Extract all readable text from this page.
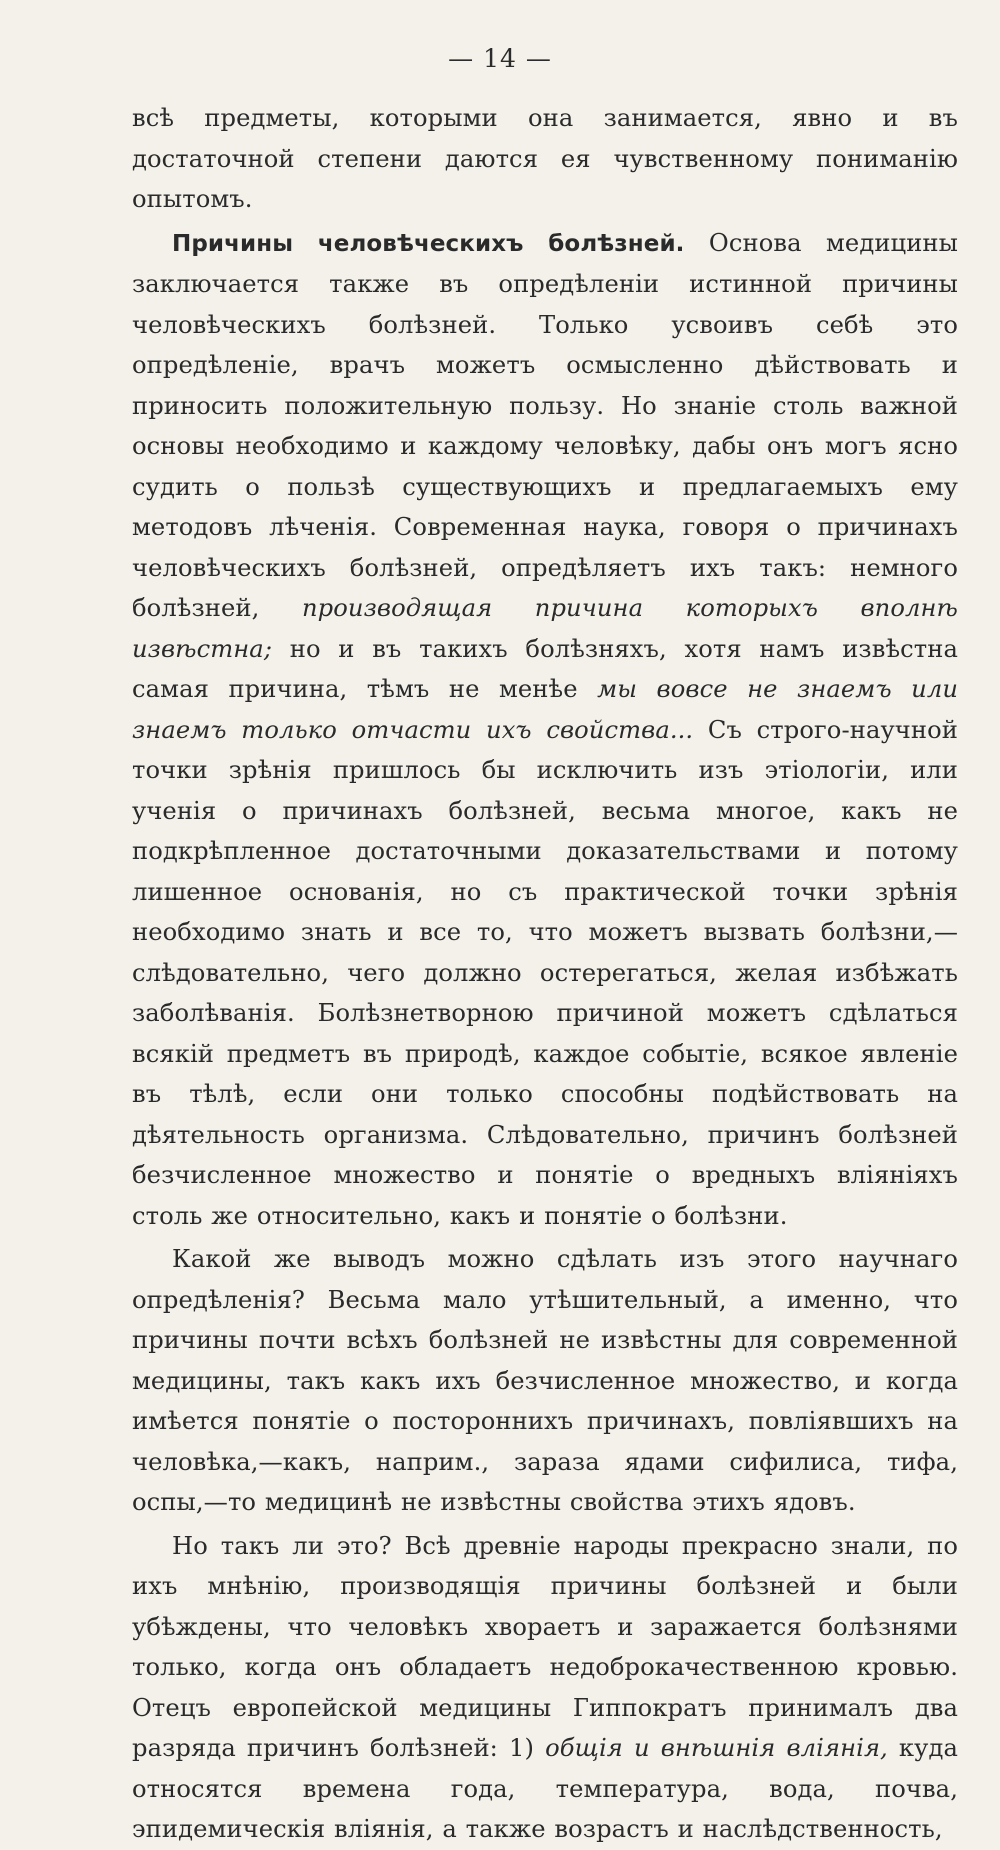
— 14 —

всѣ предметы, которыми она занимается, явно и въ достаточной степени даются ея чувственному пониманію опытомъ.

Причины человѣческихъ болѣзней. Основа медицины заключается также въ опредѣленіи истинной причины человѣческихъ болѣзней. Только усвоивъ себѣ это опредѣленіе, врачъ можетъ осмысленно дѣйствовать и приносить положительную пользу. Но знаніе столь важной основы необходимо и каждому человѣку, дабы онъ могъ ясно судить о пользѣ существующихъ и предлагаемыхъ ему методовъ лѣченія. Современная наука, говоря о причинахъ человѣческихъ болѣзней, опредѣляетъ ихъ такъ: немного болѣзней, производящая причина которыхъ вполнѣ извѣстна; но и въ такихъ болѣзняхъ, хотя намъ извѣстна самая причина, тѣмъ не менѣе мы вовсе не знаемъ или знаемъ только отчасти ихъ свойства... Съ строго-научной точки зрѣнія пришлось бы исключить изъ этіологіи, или ученія о причинахъ болѣзней, весьма многое, какъ не подкрѣпленное достаточными доказательствами и потому лишенное основанія, но съ практической точки зрѣнія необходимо знать и все то, что можетъ вызвать болѣзни,—слѣдовательно, чего должно остерегаться, желая избѣжать заболѣванія. Болѣзнетворною причиной можетъ сдѣлаться всякій предметъ въ природѣ, каждое событіе, всякое явленіе въ тѣлѣ, если они только способны подѣйствовать на дѣятельность организма. Слѣдовательно, причинъ болѣзней безчисленное множество и понятіе о вредныхъ вліяніяхъ столь же относительно, какъ и понятіе о болѣзни.

Какой же выводъ можно сдѣлать изъ этого научнаго опредѣленія? Весьма мало утѣшительный, а именно, что причины почти всѣхъ болѣзней не извѣстны для современной медицины, такъ какъ ихъ безчисленное множество, и когда имѣется понятіе о постороннихъ причинахъ, повліявшихъ на человѣка,—какъ, наприм., зараза ядами сифилиса, тифа, оспы,—то медицинѣ не извѣстны свойства этихъ ядовъ.

Но такъ ли это? Всѣ древніе народы прекрасно знали, по ихъ мнѣнію, производящія причины болѣзней и были убѣждены, что человѣкъ хвораетъ и заражается болѣзнями только, когда онъ обладаетъ недоброкачественною кровью. Отецъ европейской медицины Гиппократъ принималъ два разряда причинъ болѣзней: 1) общія и внѣшнія вліянія, куда относятся времена года, температура, вода, почва, эпидемическія вліянія, а также возрастъ и наслѣдственность,
